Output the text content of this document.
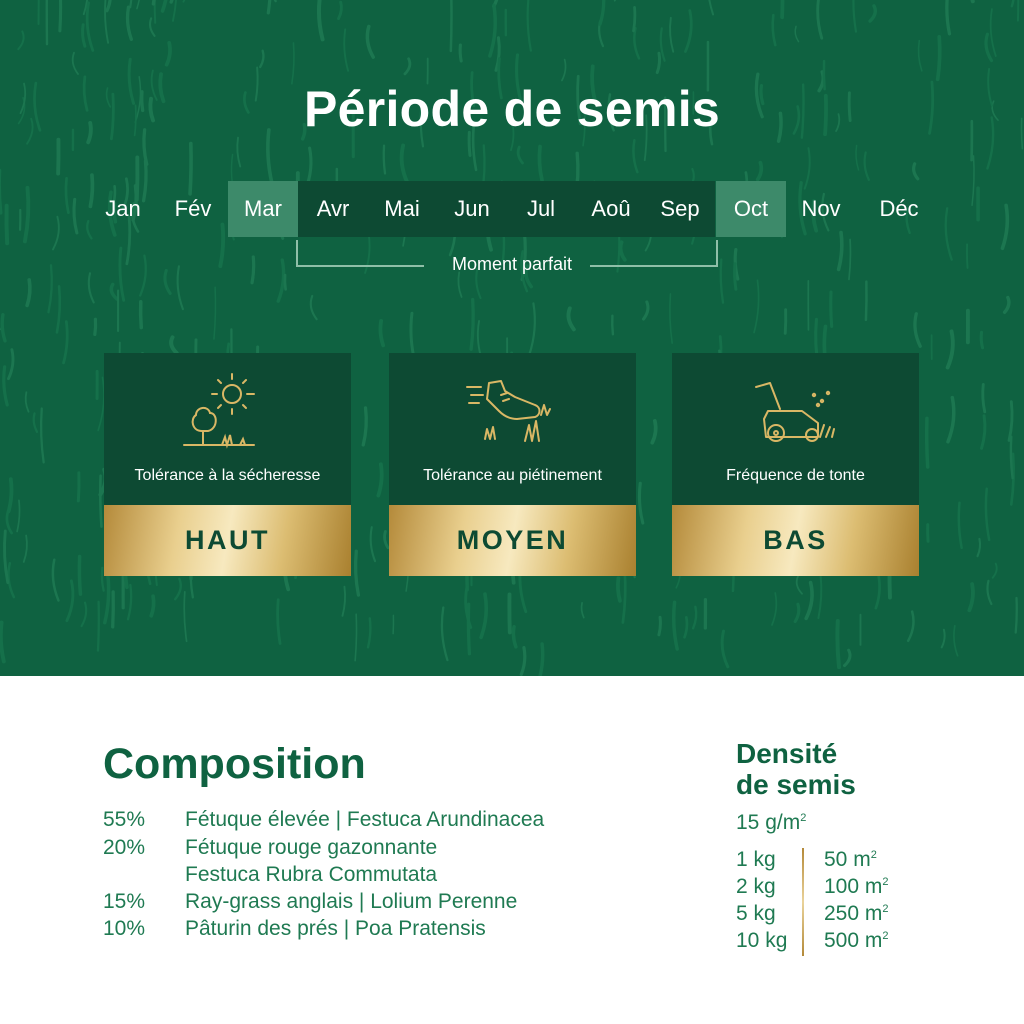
Période de semis
Jan	Fév	Mar	Avr	Mai	Jun	Jul	Aoû	Sep	Oct	Nov	Déc
Moment parfait
Tolérance à la sécheresse
HAUT
Tolérance au piétinement
MOYEN
Fréquence de tonte
BAS
Composition
55%	Fétuque élevée | Festuca Arundinacea
20%	Fétuque rouge gazonnante
Festuca Rubra Commutata
15%	Ray-grass anglais | Lolium Perenne
10%	Pâturin des prés | Poa Pratensis
Densité
de semis
15 $g/m^2$
1 kg	50 $m^2$
2 kg	100 $m^2$
5 kg	250 $m^2$
10 kg	500 $m^2$
